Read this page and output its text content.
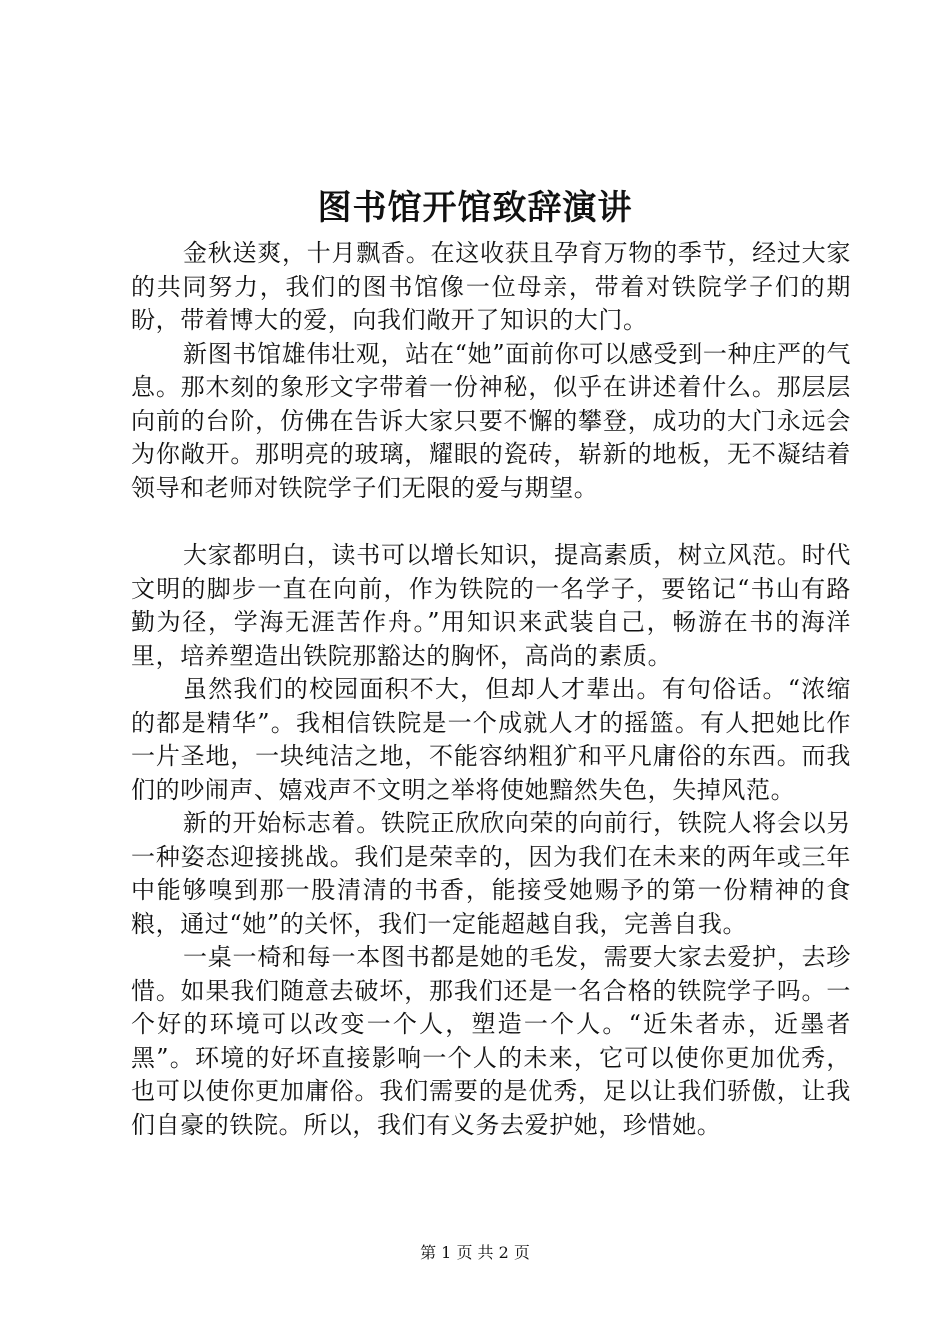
图书馆开馆致辞演讲

金秋送爽，十月飘香。在这收获且孕育万物的季节，经过大家的共同努力，我们的图书馆像一位母亲，带着对铁院学子们的期盼，带着博大的爱，向我们敞开了知识的大门。

新图书馆雄伟壮观，站在“她”面前你可以感受到一种庄严的气息。那木刻的象形文字带着一份神秘，似乎在讲述着什么。那层层向前的台阶，仿佛在告诉大家只要不懈的攀登，成功的大门永远会为你敞开。那明亮的玻璃，耀眼的瓷砖，崭新的地板，无不凝结着领导和老师对铁院学子们无限的爱与期望。

大家都明白，读书可以增长知识，提高素质，树立风范。时代文明的脚步一直在向前，作为铁院的一名学子，要铭记“书山有路勤为径，学海无涯苦作舟。”用知识来武装自己，畅游在书的海洋里，培养塑造出铁院那豁达的胸怀，高尚的素质。

虽然我们的校园面积不大，但却人才辈出。有句俗话。“浓缩的都是精华”。我相信铁院是一个成就人才的摇篮。有人把她比作一片圣地，一块纯洁之地，不能容纳粗犷和平凡庸俗的东西。而我们的吵闹声、嬉戏声不文明之举将使她黯然失色，失掉风范。

新的开始标志着。铁院正欣欣向荣的向前行，铁院人将会以另一种姿态迎接挑战。我们是荣幸的，因为我们在未来的两年或三年中能够嗅到那一股清清的书香，能接受她赐予的第一份精神的食粮，通过“她”的关怀，我们一定能超越自我，完善自我。

一桌一椅和每一本图书都是她的毛发，需要大家去爱护，去珍惜。如果我们随意去破坏，那我们还是一名合格的铁院学子吗。一个好的环境可以改变一个人，塑造一个人。“近朱者赤，近墨者黑”。环境的好坏直接影响一个人的未来，它可以使你更加优秀，也可以使你更加庸俗。我们需要的是优秀，足以让我们骄傲，让我们自豪的铁院。所以，我们有义务去爱护她，珍惜她。

第 1 页 共 2 页
